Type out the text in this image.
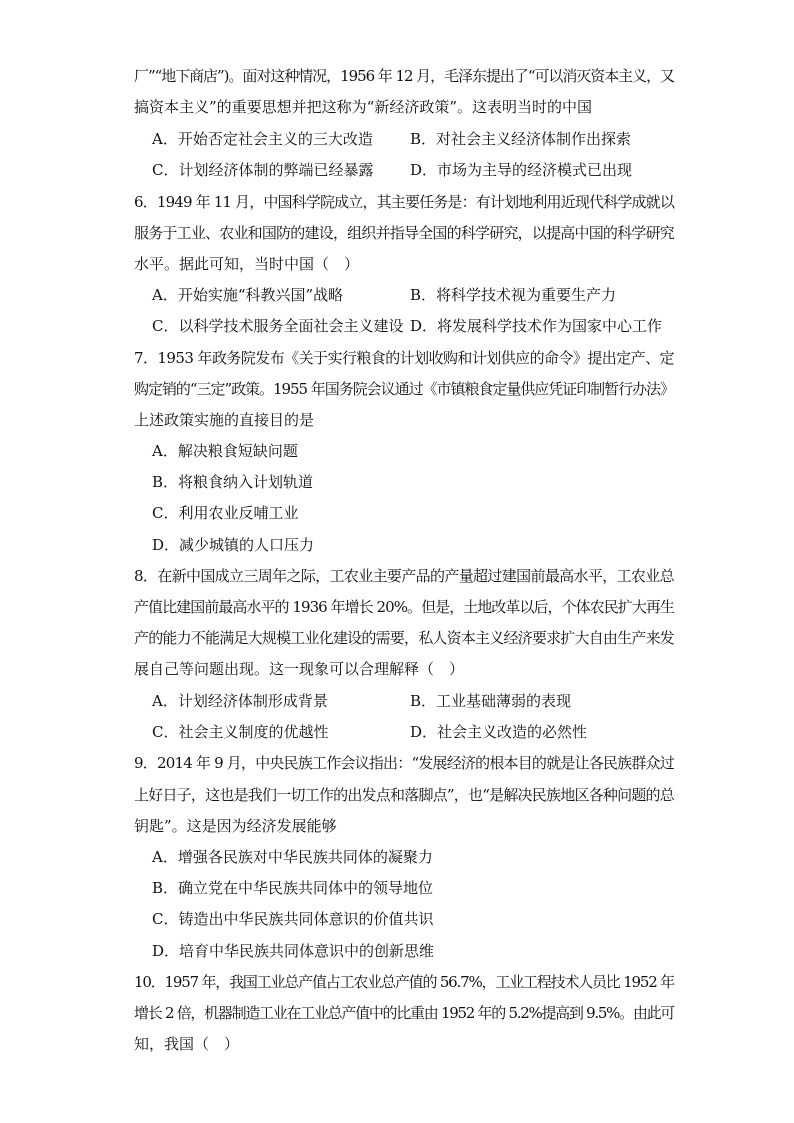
厂”“地下商店”)。面对这种情况，1956 年 12 月，毛泽东提出了“可以消灭资本主义，又
搞资本主义”的重要思想并把这称为“新经济政策”。这表明当时的中国
A．开始否定社会主义的三大改造 B．对社会主义经济体制作出探索
C．计划经济体制的弊端已经暴露 D．市场为主导的经济模式已出现
6．1949 年 11 月，中国科学院成立，其主要任务是：有计划地利用近现代科学成就以
服务于工业、农业和国防的建设，组织并指导全国的科学研究，以提高中国的科学研究
水平。据此可知，当时中国（　）
A．开始实施“科教兴国”战略	B．将科学技术视为重要生产力
C．以科学技术服务全面社会主义建设 D．将发展科学技术作为国家中心工作
7．1953 年政务院发布《关于实行粮食的计划收购和计划供应的命令》提出定产、定
购定销的“三定”政策。1955 年国务院会议通过《市镇粮食定量供应凭证印制暂行办法》
上述政策实施的直接目的是
A．解决粮食短缺问题
B．将粮食纳入计划轨道
C．利用农业反哺工业
D．减少城镇的人口压力
8．在新中国成立三周年之际，工农业主要产品的产量超过建国前最高水平，工农业总
产值比建国前最高水平的 1936 年增长 20%。但是，土地改革以后，个体农民扩大再生
产的能力不能满足大规模工业化建设的需要，私人资本主义经济要求扩大自由生产来发
展自己等问题出现。这一现象可以合理解释（　）
A．计划经济体制形成背景	B．工业基础薄弱的表现
C．社会主义制度的优越性	D．社会主义改造的必然性
9．2014 年 9 月，中央民族工作会议指出：“发展经济的根本目的就是让各民族群众过
上好日子，这也是我们一切工作的出发点和落脚点”，也“是解决民族地区各种问题的总
钥匙”。这是因为经济发展能够
A．增强各民族对中华民族共同体的凝聚力
B．确立党在中华民族共同体中的领导地位
C．铸造出中华民族共同体意识的价值共识
D．培育中华民族共同体意识中的创新思维
10．1957 年，我国工业总产值占工农业总产值的 56.7%，工业工程技术人员比 1952 年
增长 2 倍，机器制造工业在工业总产值中的比重由 1952 年的 5.2%提高到 9.5%。由此可
知，我国（　）
